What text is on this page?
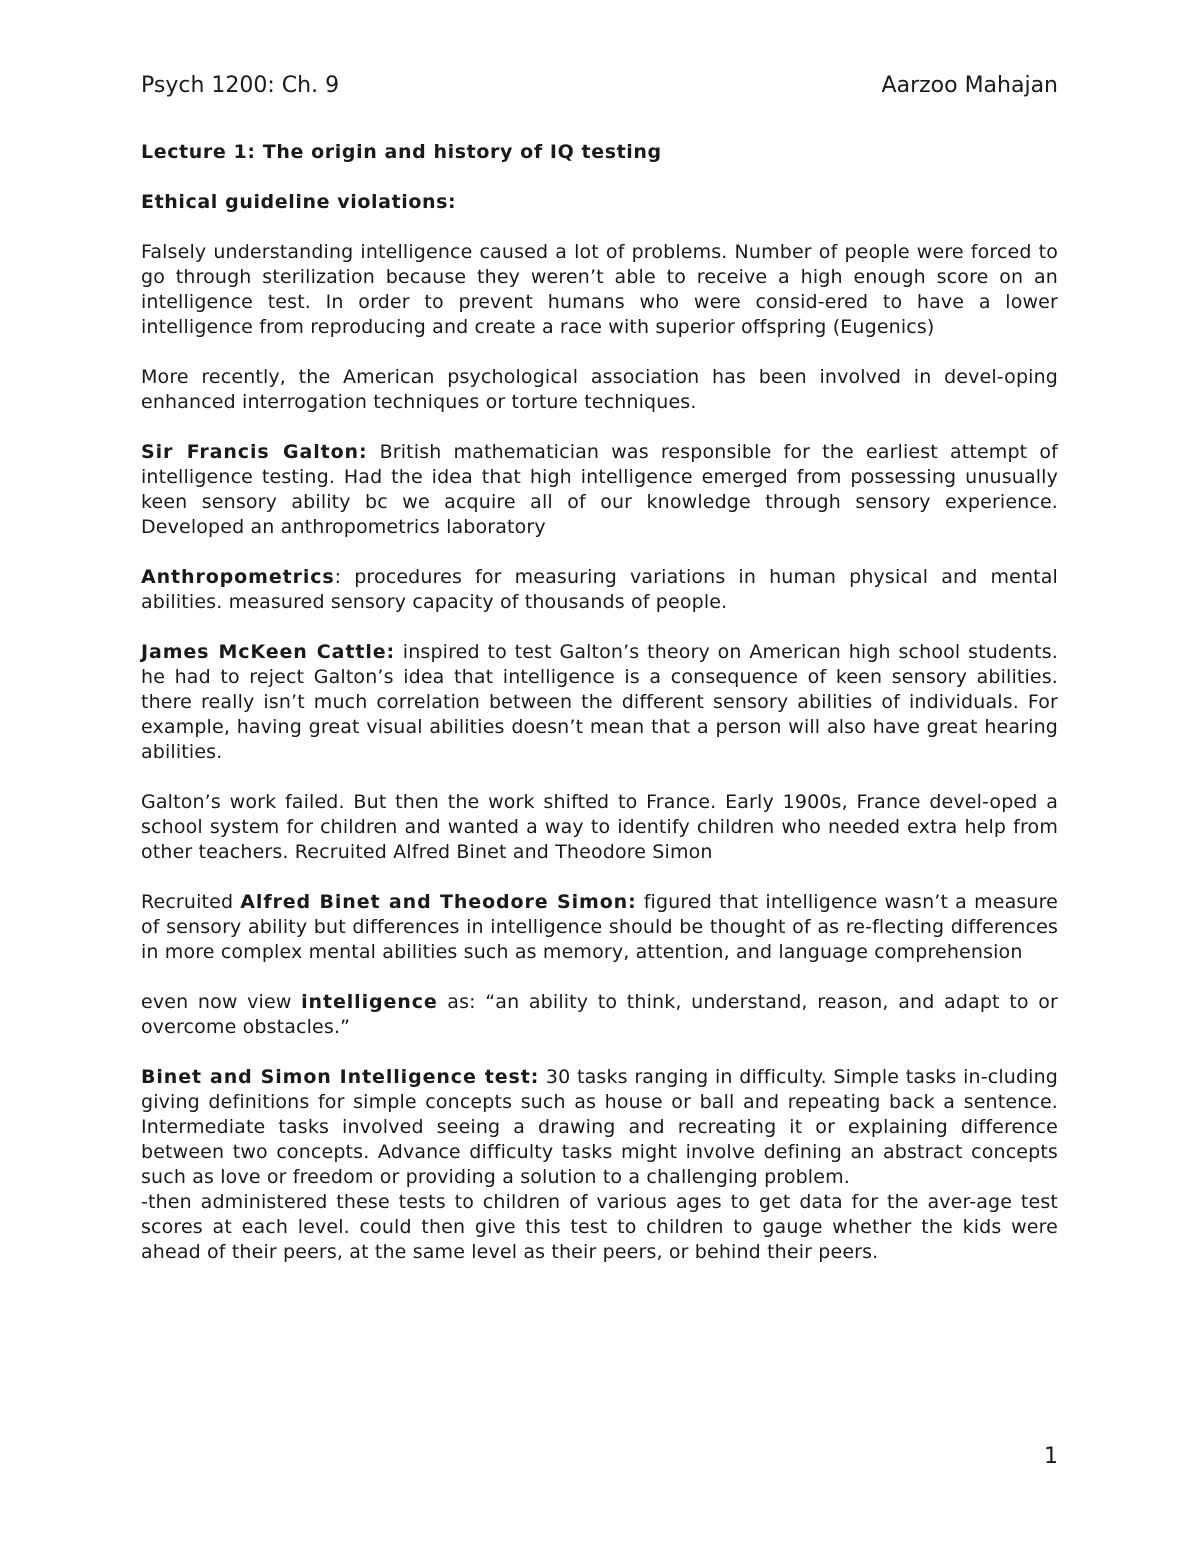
Psych 1200: Ch. 9	Aarzoo Mahajan
Lecture 1: The origin and history of IQ testing
Ethical guideline violations:

Falsely understanding intelligence caused a lot of problems. Number of people were forced to go through sterilization because they weren’t able to receive a high enough score on an intelligence test. In order to prevent humans who were consid-ered to have a lower intelligence from reproducing and create a race with superior offspring (Eugenics)

More recently, the American psychological association has been involved in devel-oping enhanced interrogation techniques or torture techniques.

Sir Francis Galton: British mathematician was responsible for the earliest attempt of intelligence testing. Had the idea that high intelligence emerged from possessing unusually keen sensory ability bc we acquire all of our knowledge through sensory experience. Developed an anthropometrics laboratory

Anthropometrics: procedures for measuring variations in human physical and mental abilities. measured sensory capacity of thousands of people.

James McKeen Cattle: inspired to test Galton’s theory on American high school students. he had to reject Galton’s idea that intelligence is a consequence of keen sensory abilities. there really isn’t much correlation between the different sensory abilities of individuals. For example, having great visual abilities doesn’t mean that a person will also have great hearing abilities.

Galton’s work failed. But then the work shifted to France. Early 1900s, France devel-oped a school system for children and wanted a way to identify children who needed extra help from other teachers. Recruited Alfred Binet and Theodore Simon

Recruited Alfred Binet and Theodore Simon: figured that intelligence wasn’t a measure of sensory ability but differences in intelligence should be thought of as re-flecting differences in more complex mental abilities such as memory, attention, and language comprehension

even now view intelligence as: “an ability to think, understand, reason, and adapt to or overcome obstacles.”

Binet and Simon Intelligence test: 30 tasks ranging in difficulty. Simple tasks in-cluding giving definitions for simple concepts such as house or ball and repeating back a sentence. Intermediate tasks involved seeing a drawing and recreating it or explaining difference between two concepts. Advance difficulty tasks might involve defining an abstract concepts such as love or freedom or providing a solution to a challenging problem.

-then administered these tests to children of various ages to get data for the aver-age test scores at each level. could then give this test to children to gauge whether the kids were ahead of their peers, at the same level as their peers, or behind their peers.

1
